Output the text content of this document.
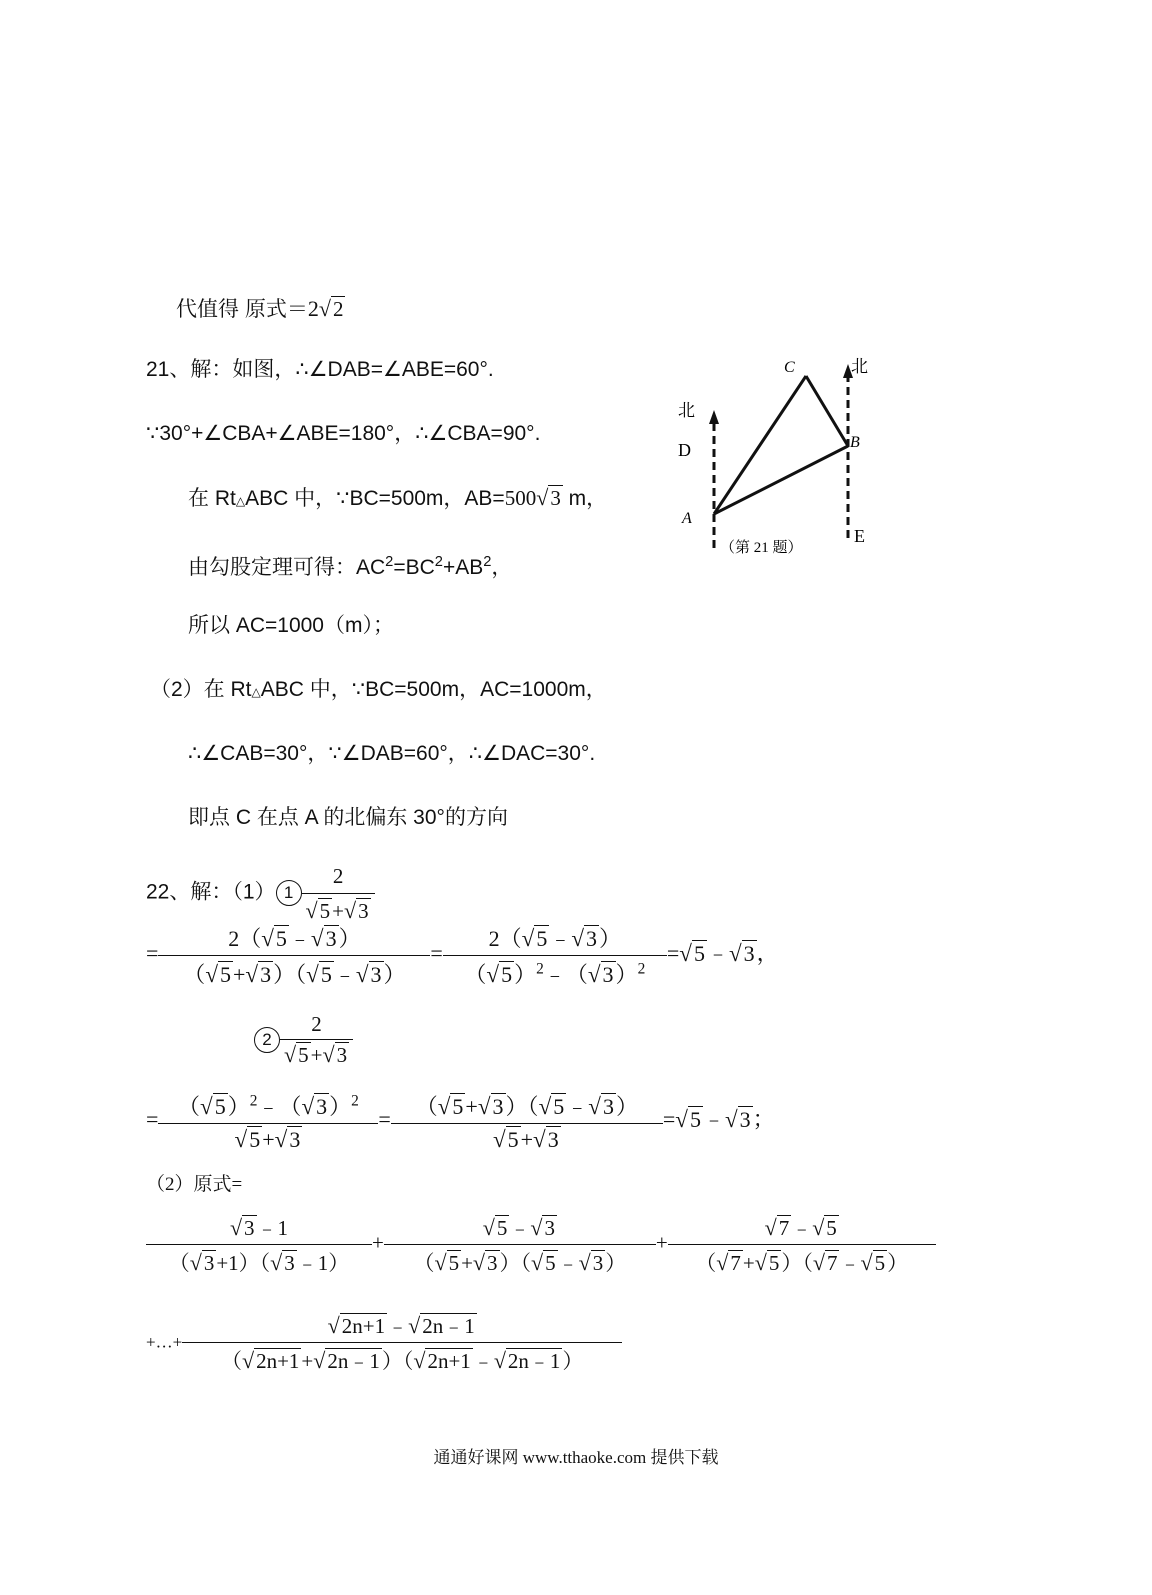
代值得 原式＝2√2
21、解：如图，∴∠DAB=∠ABE=60°.
∵30°+∠CBA+∠ABE=180°，∴∠CBA=90°.
在 Rt△ABC 中，∵BC=500m，AB=500√3 m，
由勾股定理可得：$AC^2=BC^2+AB^2$，
所以 AC=1000（m）；
（2）在 Rt△ABC 中，∵BC=500m，AC=1000m，
∴∠CAB=30°，∵∠DAB=60°，∴∠DAC=30°.
即点 C 在点 A 的北偏东 30°的方向
C
B
A
D
E
北
北
（第 21 题）
22、解：（1） $1 \frac{2}{√5+√3}$
= $\frac{2(√5﹣√3)}{(√5+√3)(√5﹣√3)} = \frac{2(√5﹣√3)}{(√5)^2﹣(√3)^2}$ =√5﹣√3，
$2 \frac{2}{√5+√3}$
= $\frac{(√5)^2﹣(√3)^2}{√5+√3} = \frac{(√5+√3)(√5﹣√3)}{√5+√3}$ =√5﹣√3；
（2）原式=
$\frac{√3﹣1}{(√3+1)(√3﹣1)} + \frac{√5﹣√3}{(√5+√3)(√5﹣√3)} + \frac{√7﹣√5}{(√7+√5)(√7﹣√5)}$
+…+ $\frac{√2n+1﹣√2n﹣1}{(√2n+1+√2n﹣1)(√2n+1﹣√2n﹣1)}$
通通好课网 www.tthaoke.com 提供下载
